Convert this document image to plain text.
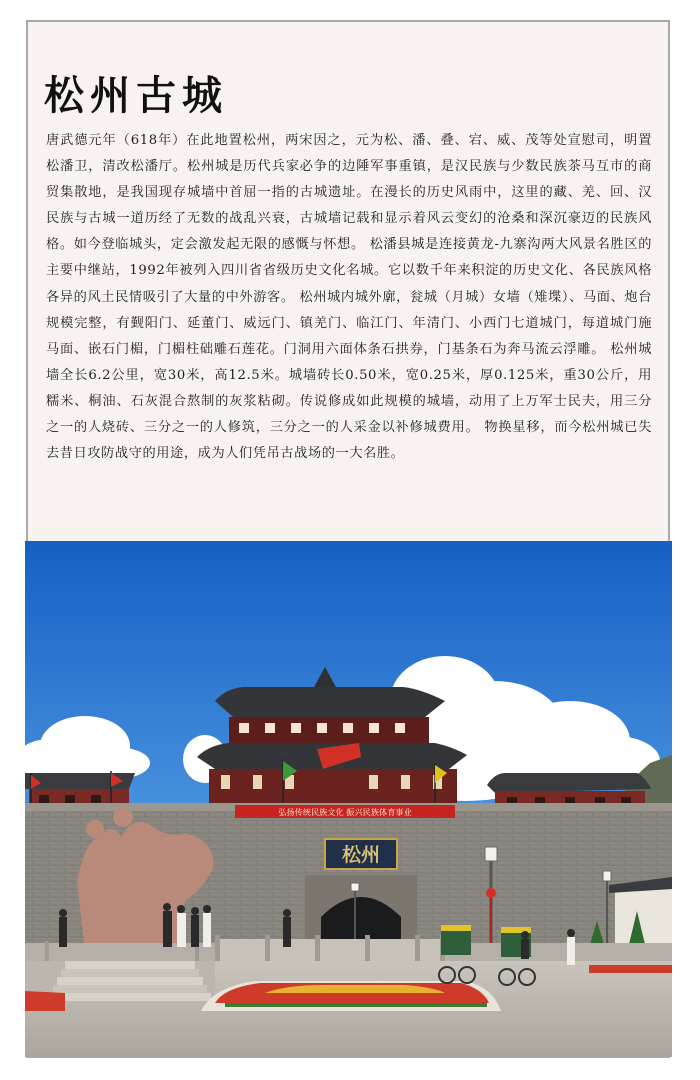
松州古城

唐武德元年（618年）在此地置松州，两宋因之，元为松、潘、叠、宕、威、茂等处宣慰司，明置松潘卫，清改松潘厅。松州城是历代兵家必争的边陲军事重镇，是汉民族与少数民族茶马互市的商贸集散地，是我国现存城墙中首屈一指的古城遗址。在漫长的历史风雨中，这里的藏、羌、回、汉民族与古城一道历经了无数的战乱兴衰，古城墙记载和显示着风云变幻的沧桑和深沉豪迈的民族风格。如今登临城头，定会激发起无限的感慨与怀想。 松潘县城是连接黄龙-九寨沟两大风景名胜区的主要中继站，1992年被列入四川省省级历史文化名城。它以数千年来积淀的历史文化、各民族风格各异的风土民情吸引了大量的中外游客。 松州城内城外廓，瓮城（月城）女墙（雉堞）、马面、炮台规模完整，有觐阳门、延董门、威远门、镇羌门、临江门、年清门、小西门七道城门，每道城门施马面、嵌石门楣，门楣柱础雕石莲花。门洞用六面体条石拱券，门基条石为奔马流云浮雕。 松州城墙全长6.2公里，宽30米，高12.5米。城墙砖长0.50米，宽0.25米，厚0.125米，重30公斤，用糯米、桐油、石灰混合熬制的灰浆粘砌。传说修成如此规模的城墙，动用了上万军士民夫，用三分之一的人烧砖、三分之一的人修筑，三分之一的人采金以补修城费用。 物换星移，而今松州城已失去昔日攻防战守的用途，成为人们凭吊古战场的一大名胜。

弘扬传统民族文化 振兴民族体育事业
松州
